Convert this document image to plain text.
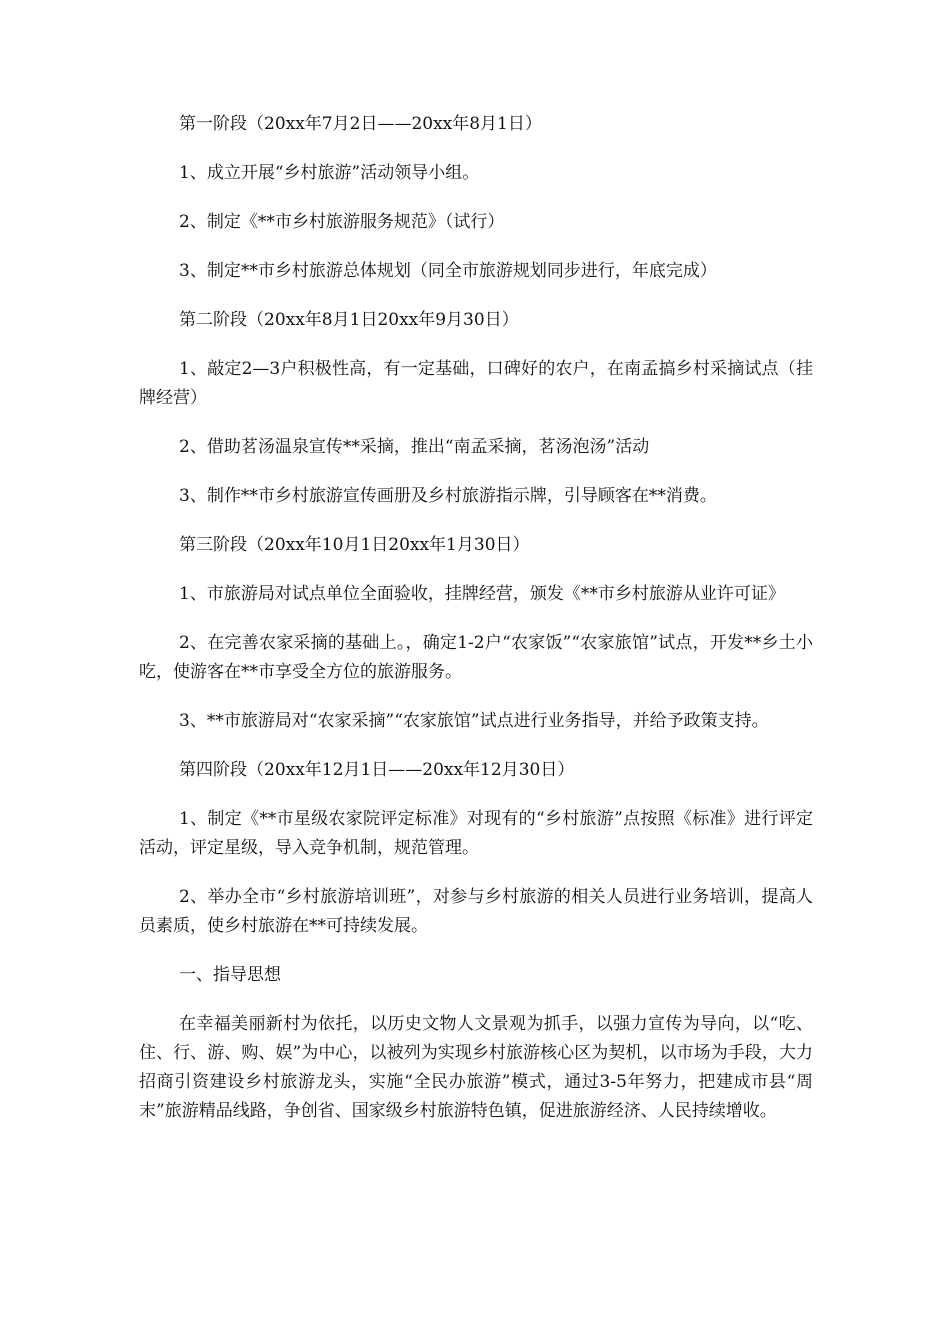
第一阶段（20xx年7月2日——20xx年8月1日）

1、成立开展“乡村旅游”活动领导小组。

2、制定《**市乡村旅游服务规范》（试行）

3、制定**市乡村旅游总体规划（同全市旅游规划同步进行，年底完成）

第二阶段（20xx年8月1日20xx年9月30日）

1、敲定2—3户积极性高，有一定基础，口碑好的农户，在南孟搞乡村采摘试点（挂牌经营）

2、借助茗汤温泉宣传**采摘，推出“南孟采摘，茗汤泡汤”活动

3、制作**市乡村旅游宣传画册及乡村旅游指示牌，引导顾客在**消费。

第三阶段（20xx年10月1日20xx年1月30日）

1、市旅游局对试点单位全面验收，挂牌经营，颁发《**市乡村旅游从业许可证》

2、在完善农家采摘的基础上。，确定1-2户“农家饭”“农家旅馆”试点，开发**乡土小吃，使游客在**市享受全方位的旅游服务。

3、**市旅游局对“农家采摘”“农家旅馆”试点进行业务指导，并给予政策支持。

第四阶段（20xx年12月1日——20xx年12月30日）

1、制定《**市星级农家院评定标准》对现有的“乡村旅游”点按照《标准》进行评定活动，评定星级，导入竞争机制，规范管理。

2、举办全市“乡村旅游培训班”，对参与乡村旅游的相关人员进行业务培训，提高人员素质，使乡村旅游在**可持续发展。

一、指导思想

在幸福美丽新村为依托，以历史文物人文景观为抓手，以强力宣传为导向，以“吃、住、行、游、购、娱”为中心，以被列为实现乡村旅游核心区为契机，以市场为手段，大力招商引资建设乡村旅游龙头，实施“全民办旅游”模式，通过3-5年努力，把建成市县“周末”旅游精品线路，争创省、国家级乡村旅游特色镇，促进旅游经济、人民持续增收。
